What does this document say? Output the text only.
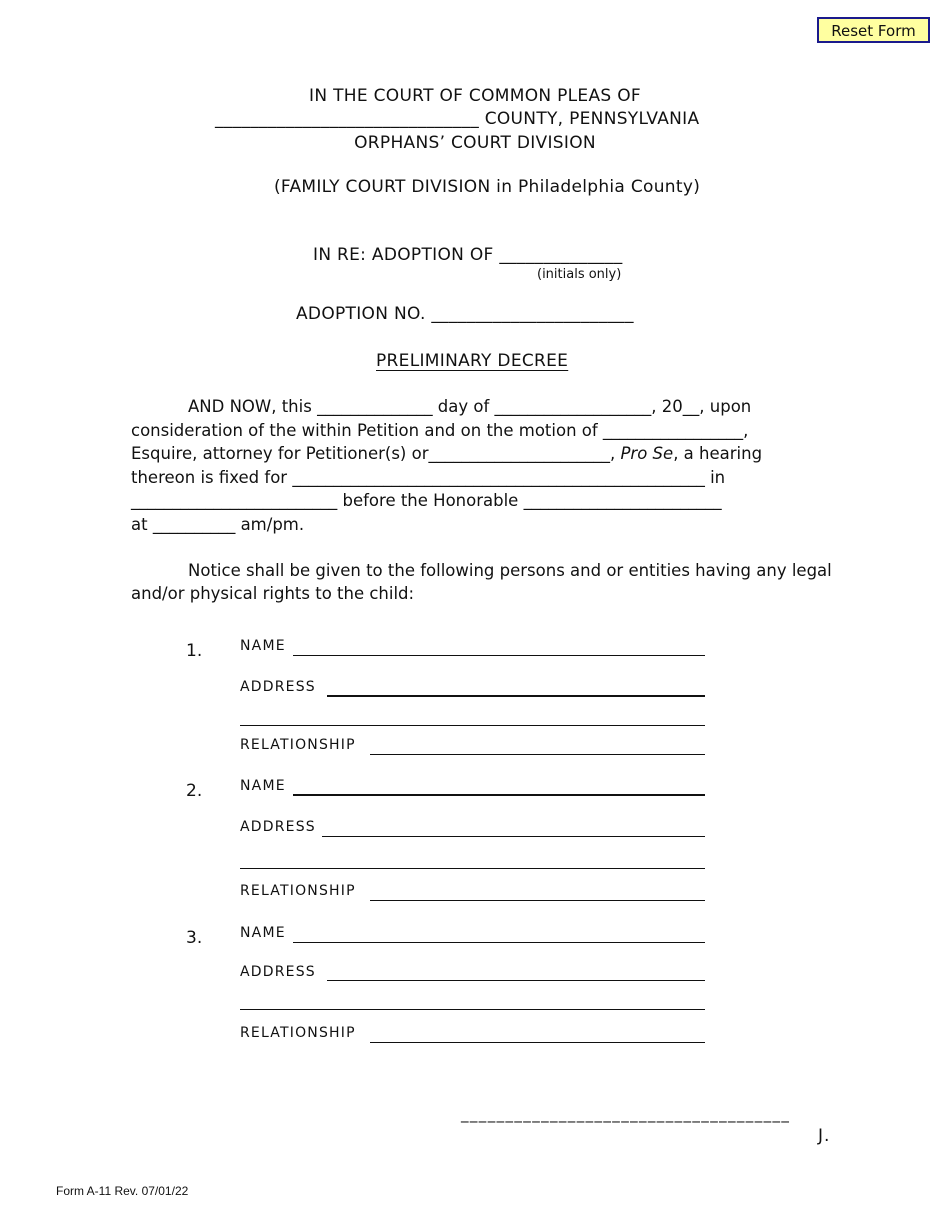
Reset Form
IN THE COURT OF COMMON PLEAS OF
______________________________ COUNTY, PENNSYLVANIA
ORPHANS’ COURT DIVISION
(FAMILY COURT DIVISION in Philadelphia County)
IN RE: ADOPTION OF ______________
(initials only)
ADOPTION NO. _______________________
PRELIMINARY DECREE
AND NOW, this ______________ day of ___________________, 20__, upon
consideration of the within Petition and on the motion of _________________,
Esquire, attorney for Petitioner(s) or______________________, Pro Se, a hearing
thereon is fixed for __________________________________________________ in
_________________________ before the Honorable ________________________
at __________ am/pm.
Notice shall be given to the following persons and or entities having any legal
and/or physical rights to the child:
1.	NAME
ADDRESS
RELATIONSHIP
2.	NAME
ADDRESS
RELATIONSHIP
3.	NAME
ADDRESS
RELATIONSHIP
_____________________________________
J.
Form A-11 Rev. 07/01/22
